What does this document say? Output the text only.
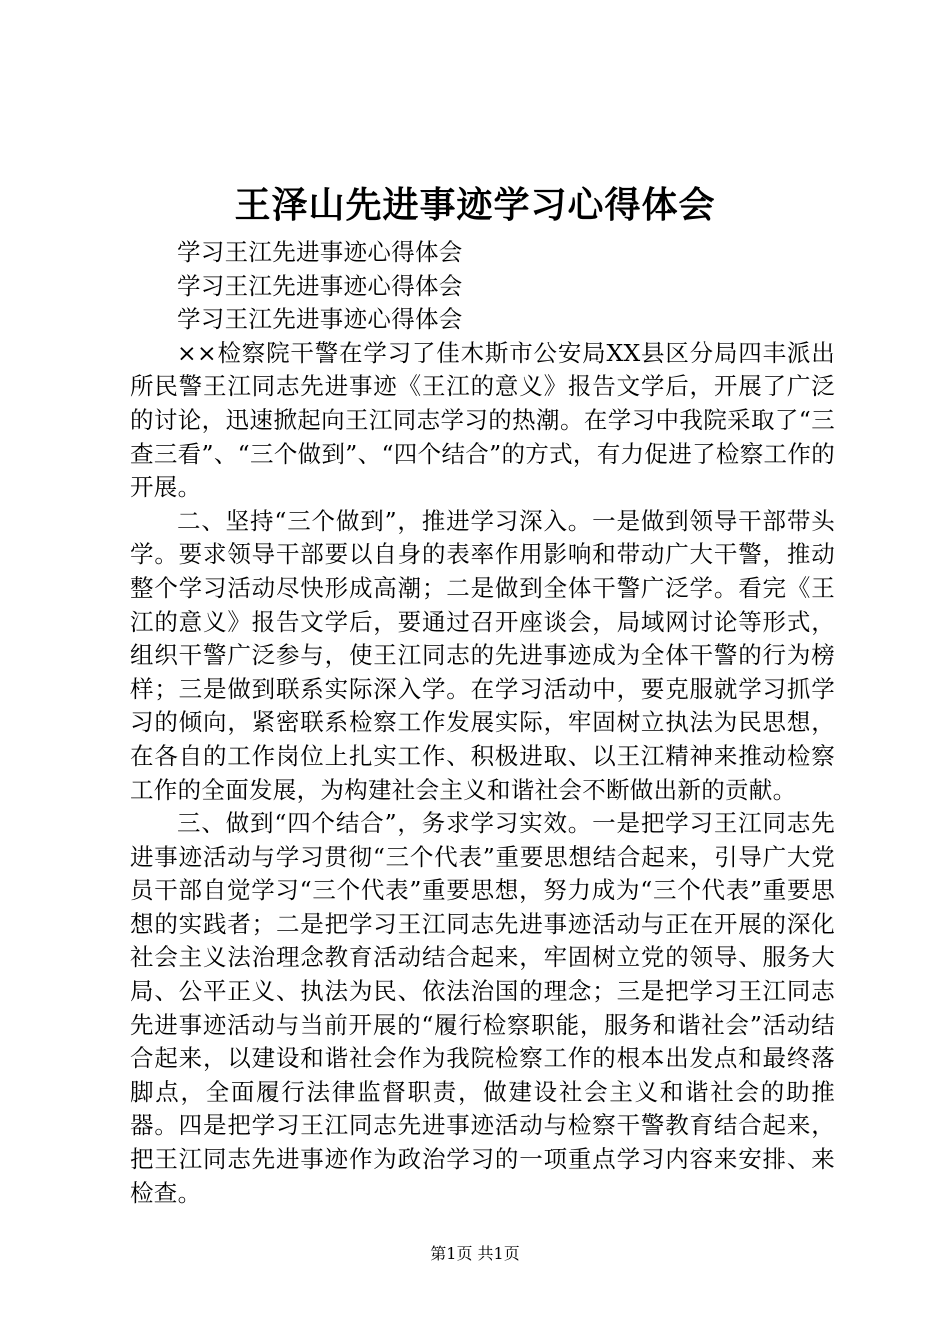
王泽山先进事迹学习心得体会

学习王江先进事迹心得体会

学习王江先进事迹心得体会

学习王江先进事迹心得体会

××检察院干警在学习了佳木斯市公安局XX县区分局四丰派出所民警王江同志先进事迹《王江的意义》报告文学后，开展了广泛的讨论，迅速掀起向王江同志学习的热潮。在学习中我院采取了“三查三看”、“三个做到”、“四个结合”的方式，有力促进了检察工作的开展。

二、坚持“三个做到”，推进学习深入。一是做到领导干部带头学。要求领导干部要以自身的表率作用影响和带动广大干警，推动整个学习活动尽快形成高潮；二是做到全体干警广泛学。看完《王江的意义》报告文学后，要通过召开座谈会，局域网讨论等形式，组织干警广泛参与，使王江同志的先进事迹成为全体干警的行为榜样；三是做到联系实际深入学。在学习活动中，要克服就学习抓学习的倾向，紧密联系检察工作发展实际，牢固树立执法为民思想，在各自的工作岗位上扎实工作、积极进取、以王江精神来推动检察工作的全面发展，为构建社会主义和谐社会不断做出新的贡献。

三、做到“四个结合”，务求学习实效。一是把学习王江同志先进事迹活动与学习贯彻“三个代表”重要思想结合起来，引导广大党员干部自觉学习“三个代表”重要思想，努力成为“三个代表”重要思想的实践者；二是把学习王江同志先进事迹活动与正在开展的深化社会主义法治理念教育活动结合起来，牢固树立党的领导、服务大局、公平正义、执法为民、依法治国的理念；三是把学习王江同志先进事迹活动与当前开展的“履行检察职能，服务和谐社会”活动结合起来，以建设和谐社会作为我院检察工作的根本出发点和最终落脚点，全面履行法律监督职责，做建设社会主义和谐社会的助推器。四是把学习王江同志先进事迹活动与检察干警教育结合起来，把王江同志先进事迹作为政治学习的一项重点学习内容来安排、来检查。

第1页 共1页
